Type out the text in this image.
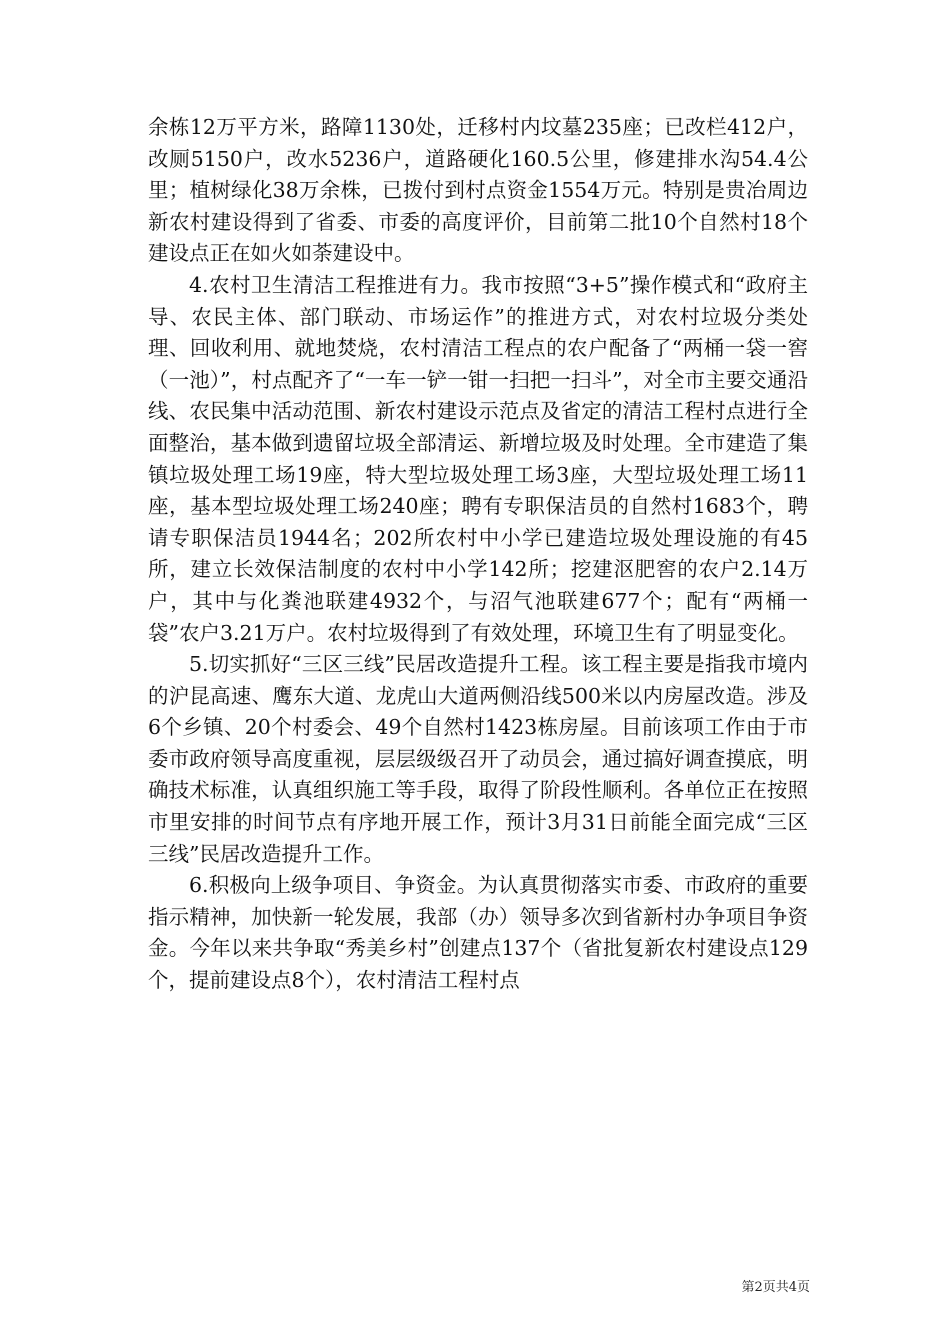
余栋12万平方米，路障1130处，迁移村内坟墓235座；已改栏412户，改厕5150户，改水5236户，道路硬化160.5公里，修建排水沟54.4公里；植树绿化38万余株，已拨付到村点资金1554万元。特别是贵冶周边新农村建设得到了省委、市委的高度评价，目前第二批10个自然村18个建设点正在如火如荼建设中。

4.农村卫生清洁工程推进有力。我市按照“3+5”操作模式和“政府主导、农民主体、部门联动、市场运作”的推进方式，对农村垃圾分类处理、回收利用、就地焚烧，农村清洁工程点的农户配备了“两桶一袋一窖（一池）”，村点配齐了“一车一铲一钳一扫把一扫斗”，对全市主要交通沿线、农民集中活动范围、新农村建设示范点及省定的清洁工程村点进行全面整治，基本做到遗留垃圾全部清运、新增垃圾及时处理。全市建造了集镇垃圾处理工场19座，特大型垃圾处理工场3座，大型垃圾处理工场11座，基本型垃圾处理工场240座；聘有专职保洁员的自然村1683个，聘请专职保洁员1944名；202所农村中小学已建造垃圾处理设施的有45所，建立长效保洁制度的农村中小学142所；挖建沤肥窖的农户2.14万户，其中与化粪池联建4932个，与沼气池联建677个；配有“两桶一袋”农户3.21万户。农村垃圾得到了有效处理，环境卫生有了明显变化。

5.切实抓好“三区三线”民居改造提升工程。该工程主要是指我市境内的沪昆高速、鹰东大道、龙虎山大道两侧沿线500米以内房屋改造。涉及6个乡镇、20个村委会、49个自然村1423栋房屋。目前该项工作由于市委市政府领导高度重视，层层级级召开了动员会，通过搞好调查摸底，明确技术标准，认真组织施工等手段，取得了阶段性顺利。各单位正在按照市里安排的时间节点有序地开展工作，预计3月31日前能全面完成“三区三线”民居改造提升工作。

6.积极向上级争项目、争资金。为认真贯彻落实市委、市政府的重要指示精神，加快新一轮发展，我部（办）领导多次到省新村办争项目争资金。今年以来共争取“秀美乡村”创建点137个（省批复新农村建设点129个，提前建设点8个），农村清洁工程村点

第2页共4页
